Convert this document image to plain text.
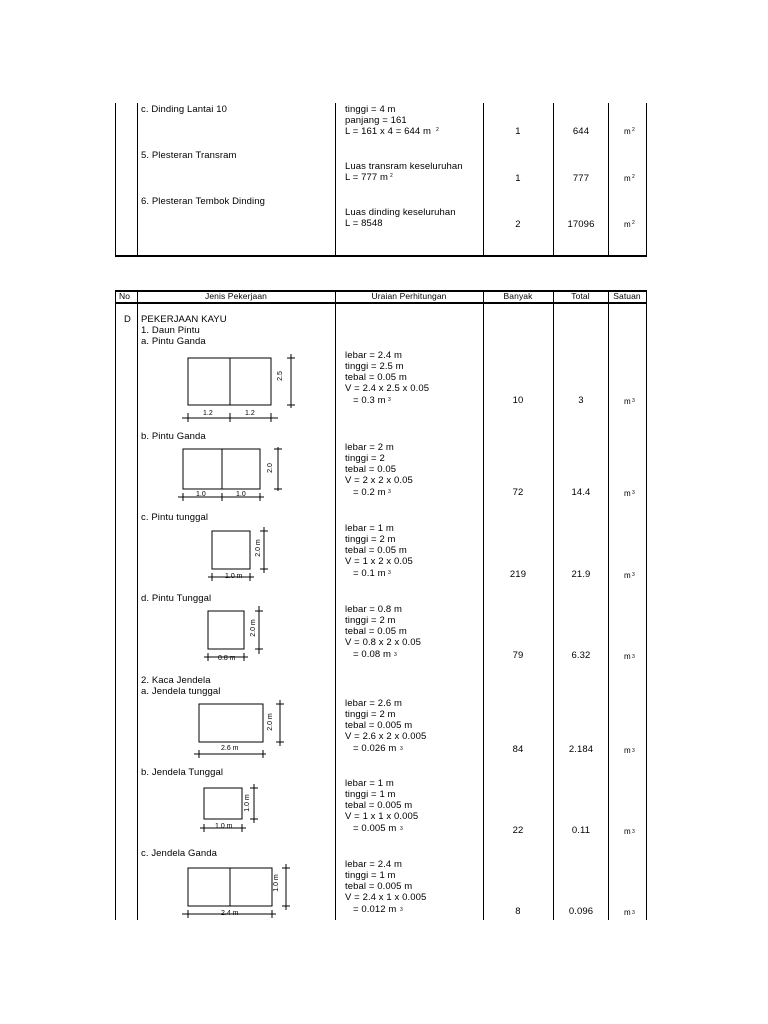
c. Dinding Lantai 10	tinggi = 4 m
panjang = 161
L = 161 x 4 = 644 m 2	1	644	m 2
5. Plesteran Transram
Luas transram keseluruhan
L = 777 m 2	1	777	m 2
6. Plesteran Tembok Dinding
Luas dinding keseluruhan
L = 8548	2	17096	m 2
No	Jenis Pekerjaan	Uraian Perhitungan	Banyak	Total	Satuan
D PEKERJAAN KAYU
1. Daun Pintu
a. Pintu Ganda
1.2	1.2
2.5
lebar = 2.4 m
tinggi = 2.5 m
tebal = 0.05 m
V = 2.4 x 2.5 x 0.05
= 0.3 m 3	10	3	m 3
b. Pintu Ganda
1.0	1.0
2.0
lebar = 2 m
tinggi = 2
tebal = 0.05
V = 2 x 2 x 0.05
= 0.2 m 3	72	14.4	m 3
c. Pintu tunggal
1.0 m
2.0 m
lebar = 1 m
tinggi = 2 m
tebal = 0.05 m
V = 1 x 2 x 0.05
= 0.1 m 3	219	21.9	m 3
d. Pintu Tunggal
0.8 m
2.0 m
lebar = 0.8 m
tinggi = 2 m
tebal = 0.05 m
V = 0.8 x 2 x 0.05
= 0.08 m 3	79	6.32	m 3
2. Kaca Jendela
a. Jendela tunggal
2.6 m
2.0 m
lebar = 2.6 m
tinggi = 2 m
tebal = 0.005 m
V = 2.6 x 2 x 0.005
= 0.026 m 3	84	2.184	m 3
b. Jendela Tunggal
1.0 m
1.0 m
lebar = 1 m
tinggi = 1 m
tebal = 0.005 m
V = 1 x 1 x 0.005
= 0.005 m 3	22	0.11	m 3
c. Jendela Ganda
2.4 m
1.0 m
lebar = 2.4 m
tinggi = 1 m
tebal = 0.005 m
V = 2.4 x 1 x 0.005
= 0.012 m 3	8	0.096	m 3
